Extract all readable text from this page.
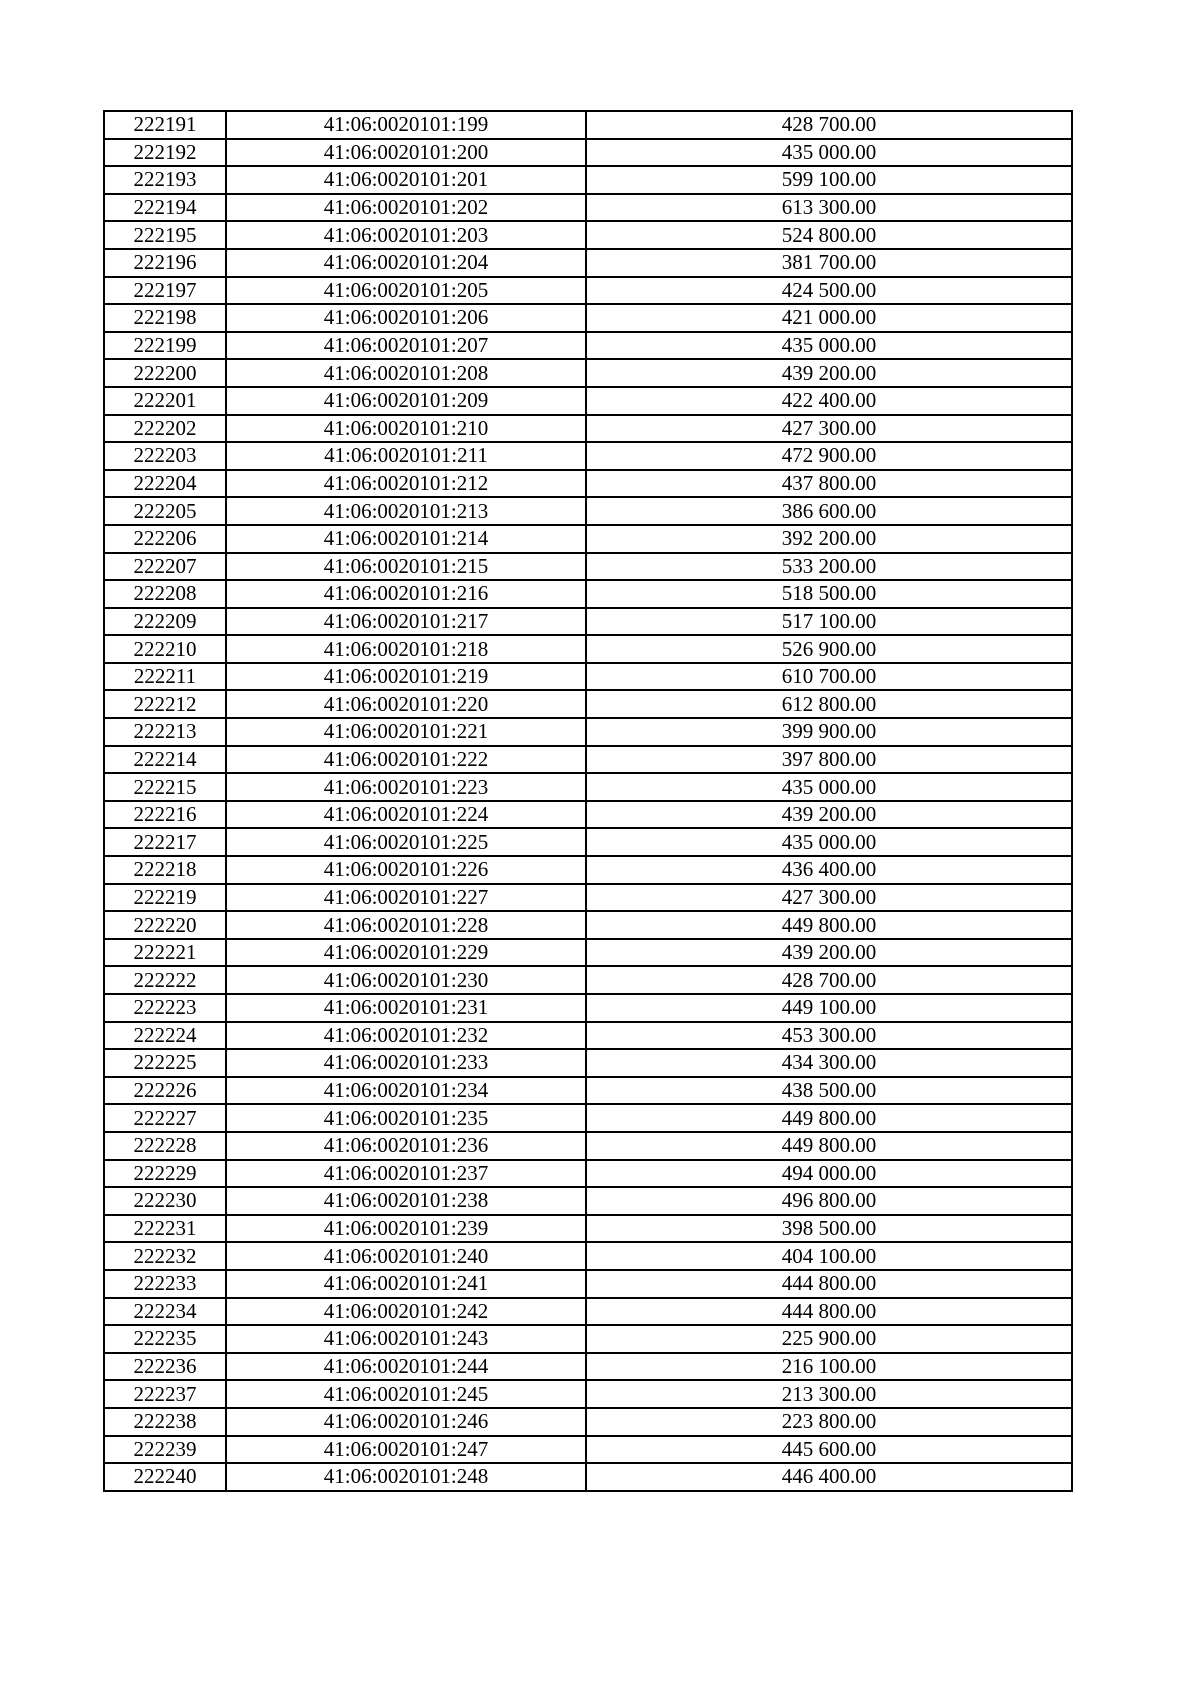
222191	41:06:0020101:199	428 700.00
222192	41:06:0020101:200	435 000.00
222193	41:06:0020101:201	599 100.00
222194	41:06:0020101:202	613 300.00
222195	41:06:0020101:203	524 800.00
222196	41:06:0020101:204	381 700.00
222197	41:06:0020101:205	424 500.00
222198	41:06:0020101:206	421 000.00
222199	41:06:0020101:207	435 000.00
222200	41:06:0020101:208	439 200.00
222201	41:06:0020101:209	422 400.00
222202	41:06:0020101:210	427 300.00
222203	41:06:0020101:211	472 900.00
222204	41:06:0020101:212	437 800.00
222205	41:06:0020101:213	386 600.00
222206	41:06:0020101:214	392 200.00
222207	41:06:0020101:215	533 200.00
222208	41:06:0020101:216	518 500.00
222209	41:06:0020101:217	517 100.00
222210	41:06:0020101:218	526 900.00
222211	41:06:0020101:219	610 700.00
222212	41:06:0020101:220	612 800.00
222213	41:06:0020101:221	399 900.00
222214	41:06:0020101:222	397 800.00
222215	41:06:0020101:223	435 000.00
222216	41:06:0020101:224	439 200.00
222217	41:06:0020101:225	435 000.00
222218	41:06:0020101:226	436 400.00
222219	41:06:0020101:227	427 300.00
222220	41:06:0020101:228	449 800.00
222221	41:06:0020101:229	439 200.00
222222	41:06:0020101:230	428 700.00
222223	41:06:0020101:231	449 100.00
222224	41:06:0020101:232	453 300.00
222225	41:06:0020101:233	434 300.00
222226	41:06:0020101:234	438 500.00
222227	41:06:0020101:235	449 800.00
222228	41:06:0020101:236	449 800.00
222229	41:06:0020101:237	494 000.00
222230	41:06:0020101:238	496 800.00
222231	41:06:0020101:239	398 500.00
222232	41:06:0020101:240	404 100.00
222233	41:06:0020101:241	444 800.00
222234	41:06:0020101:242	444 800.00
222235	41:06:0020101:243	225 900.00
222236	41:06:0020101:244	216 100.00
222237	41:06:0020101:245	213 300.00
222238	41:06:0020101:246	223 800.00
222239	41:06:0020101:247	445 600.00
222240	41:06:0020101:248	446 400.00
